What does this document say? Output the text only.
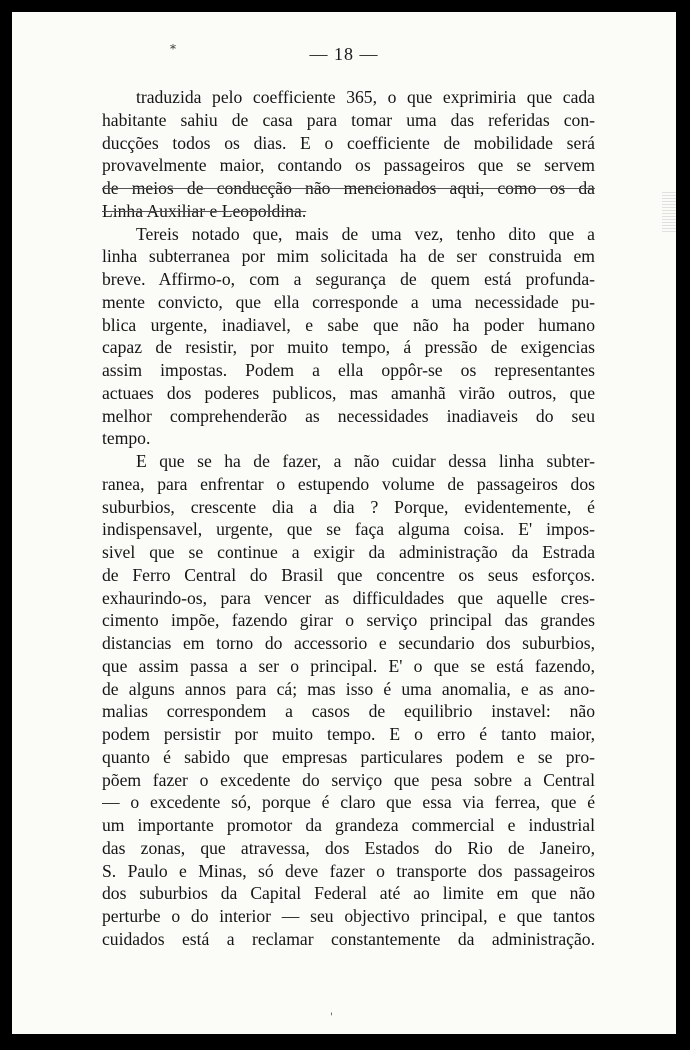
*	— 18 —
traduzida pelo coefficiente 365, o que exprimiria que cada
habitante sahiu de casa para tomar uma das referidas con-
ducções todos os dias. E o coefficiente de mobilidade será
provavelmente maior, contando os passageiros que se servem
de meios de conducção não mencionados aqui, como os da
Linha Auxiliar e Leopoldina.
Tereis notado que, mais de uma vez, tenho dito que a
linha subterranea por mim solicitada ha de ser construida em
breve. Affirmo-o, com a segurança de quem está profunda-
mente convicto, que ella corresponde a uma necessidade pu-
blica urgente, inadiavel, e sabe que não ha poder humano
capaz de resistir, por muito tempo, á pressão de exigencias
assim impostas. Podem a ella oppôr-se os representantes
actuaes dos poderes publicos, mas amanhã virão outros, que
melhor comprehenderão as necessidades inadiaveis do seu
tempo.
E que se ha de fazer, a não cuidar dessa linha subter-
ranea, para enfrentar o estupendo volume de passageiros dos
suburbios, crescente dia a dia ? Porque, evidentemente, é
indispensavel, urgente, que se faça alguma coisa. E' impos-
sivel que se continue a exigir da administração da Estrada
de Ferro Central do Brasil que concentre os seus esforços.
exhaurindo-os, para vencer as difficuldades que aquelle cres-
cimento impõe, fazendo girar o serviço principal das grandes
distancias em torno do accessorio e secundario dos suburbios,
que assim passa a ser o principal. E' o que se está fazendo,
de alguns annos para cá; mas isso é uma anomalia, e as ano-
malias correspondem a casos de equilibrio instavel: não
podem persistir por muito tempo. E o erro é tanto maior,
quanto é sabido que empresas particulares podem e se pro-
põem fazer o excedente do serviço que pesa sobre a Central
— o excedente só, porque é claro que essa via ferrea, que é
um importante promotor da grandeza commercial e industrial
das zonas, que atravessa, dos Estados do Rio de Janeiro,
S. Paulo e Minas, só deve fazer o transporte dos passageiros
dos suburbios da Capital Federal até ao limite em que não
perturbe o do interior — seu objectivo principal, e que tantos
cuidados está a reclamar constantemente da administração.
'
